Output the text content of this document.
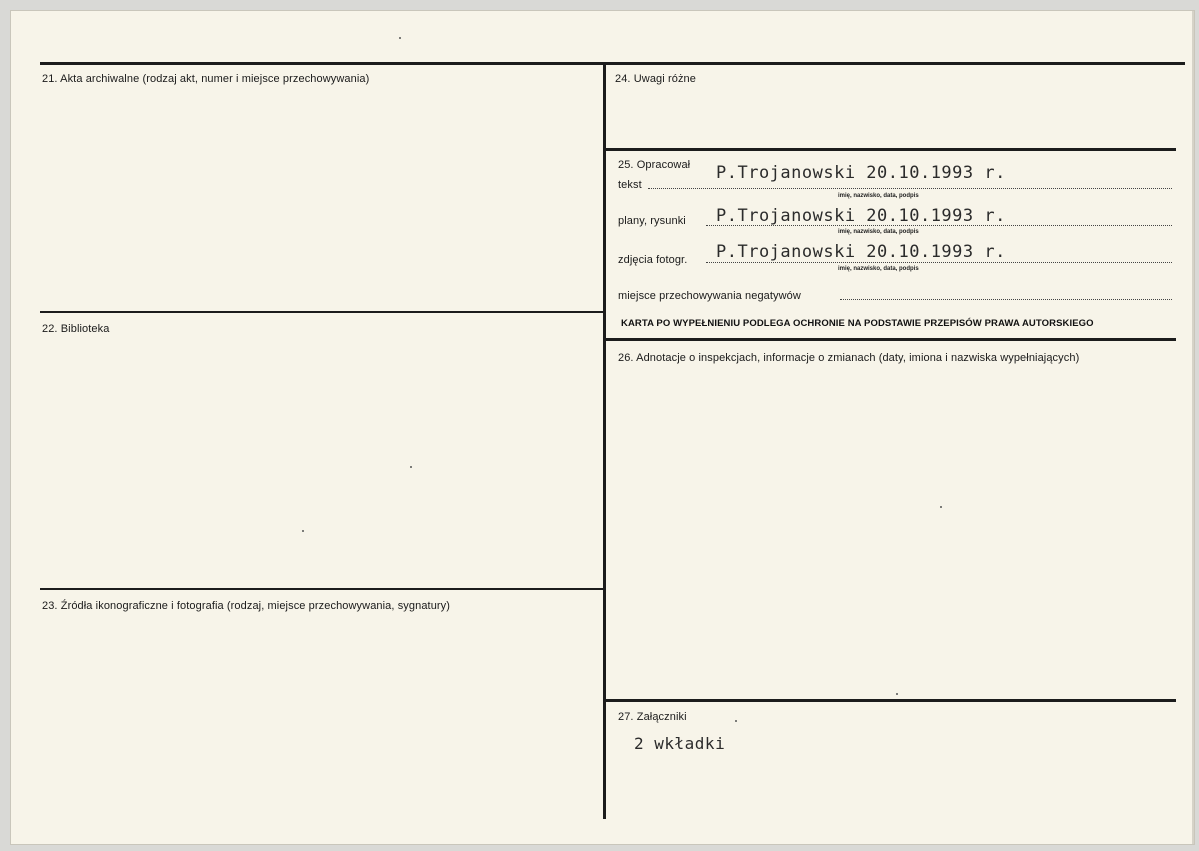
21. Akta archiwalne (rodzaj akt, numer i miejsce przechowywania)
22. Biblioteka
23. Źródła ikonograficzne i fotografia (rodzaj, miejsce przechowywania, sygnatury)
24. Uwagi różne
25. Opracował
tekst
P.Trojanowski 20.10.1993 r.
imię, nazwisko, data, podpis
plany, rysunki P.Trojanowski 20.10.1993 r.
imię, nazwisko, data, podpis
zdjęcia fotogr. P.Trojanowski 20.10.1993 r.
imię, nazwisko, data, podpis
miejsce przechowywania negatywów
KARTA PO WYPEŁNIENIU PODLEGA OCHRONIE NA PODSTAWIE PRZEPISÓW PRAWA AUTORSKIEGO
26. Adnotacje o inspekcjach, informacje o zmianach (daty, imiona i nazwiska wypełniających)
27. Załączniki
2 wkładki
